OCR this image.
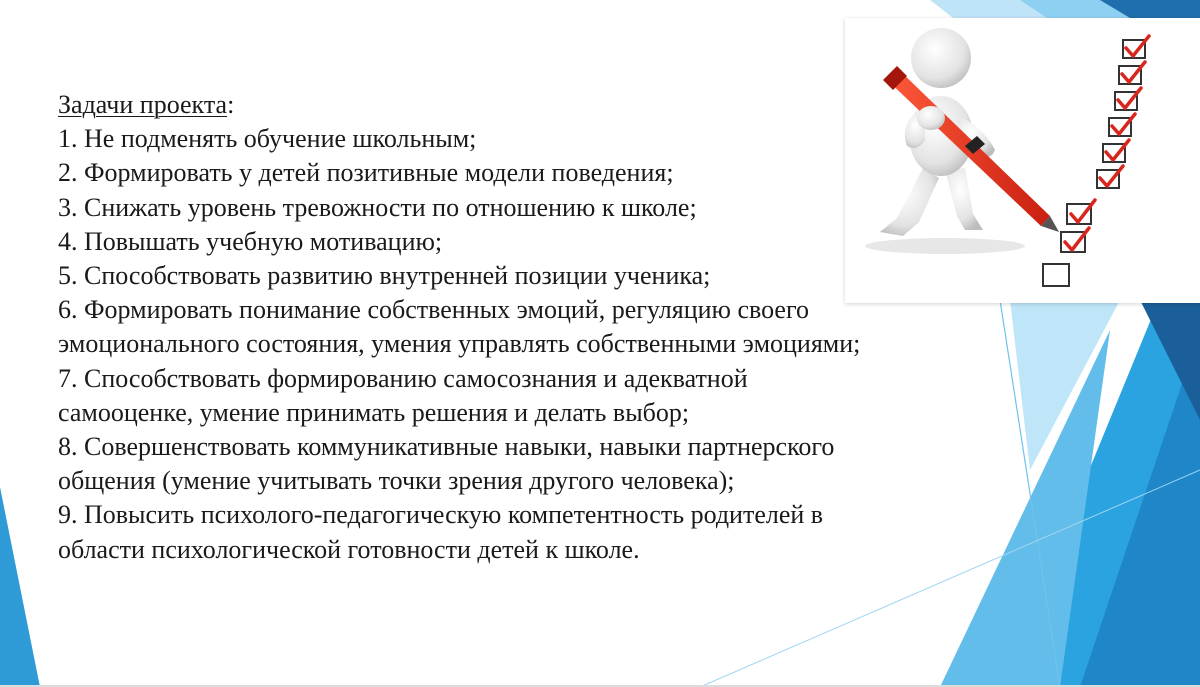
Задачи проекта:

1. Не подменять обучение школьным;

2. Формировать у детей позитивные модели поведения;

3. Снижать уровень тревожности по отношению к школе;

4. Повышать учебную мотивацию;

5. Способствовать развитию внутренней позиции ученика;

6. Формировать понимание собственных эмоций, регуляцию своего

эмоционального состояния, умения управлять собственными эмоциями;

7. Способствовать формированию самосознания и адекватной

самооценке, умение принимать решения и делать выбор;

8. Совершенствовать коммуникативные навыки, навыки партнерского

общения (умение учитывать точки зрения другого человека);

9. Повысить психолого-педагогическую компетентность родителей в

области психологической готовности детей к школе.
